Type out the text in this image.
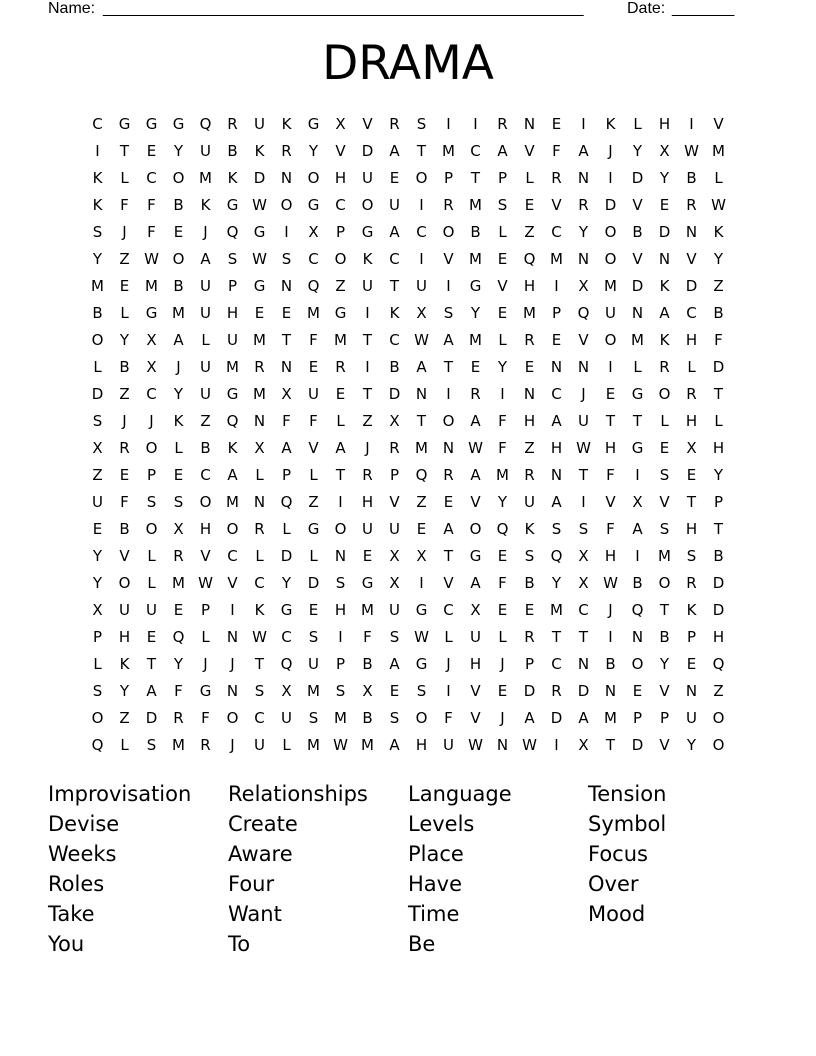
Name: ______________________________________________________	Date: _______
DRAMA
C	G	G	G	Q	R	U	K	G	X	V	R	S	I	I	R	N	E	I	K	L	H	I	V
I	T	E	Y	U	B	K	R	Y	V	D	A	T	M	C	A	V	F	A	J	Y	X W M
K	L	C	O M	K	D	N	O	H	U	E	O	P	T	P	L	R	N	I	D	Y	B	L
K	F	F	B	K	G W O	G	C	O	U	I	R	M	S	E	V	R	D	V	E	R W
S	J	F	E	J	Q	G	I	X	P	G	A	C	O	B	L	Z	C	Y	O	B	D	N	K
Y	Z W O	A	S W S	C	O	K	C	I	V	M	E	Q M N	O	V	N	V	Y
M	E	M	B	U	P	G	N	Q	Z	U	T	U	I	G	V	H	I	X	M D	K	D	Z
B	L	G M	U	H	E	E	M G	I	K	X	S	Y	E	M	P	Q	U	N	A	C	B
O	Y	X	A	L	U	M	T	F	M	T	C W A	M	L	R	E	V	O M	K	H	F
L	B	X	J	U	M	R	N	E	R	I	B	A	T	E	Y	E	N	N	I	L	R	L	D
D	Z	C	Y	U	G M	X	U	E	T	D	N	I	R	I	N	C	J	E	G	O	R	T
S	J	J	K	Z	Q	N	F	F	L	Z	X	T	O	A	F	H	A	U	T	T	L	H	L
X	R	O	L	B	K	X	A	V	A	J	R	M N W	F	Z	H W H	G	E	X	H
Z	E	P	E	C	A	L	P	L	T	R	P	Q	R	A	M	R	N	T	F	I	S	E	Y
U	F	S	S	O M N	Q	Z	I	H	V	Z	E	V	Y	U	A	I	V	X	V	T	P
E	B	O	X	H	O	R	L	G	O	U	U	E	A	O	Q	K	S	S	F	A	S	H	T
Y	V	L	R	V	C	L	D	L	N	E	X	X	T	G	E	S	Q	X	H	I	M	S	B
Y	O	L	M W V	C	Y	D	S	G	X	I	V	A	F	B	Y	X W B	O	R	D
X	U	U	E	P	I	K	G	E	H M	U	G	C	X	E	E	M	C	J	Q	T	K	D
P	H	E	Q	L	N W C	S	I	F	S W	L	U	L	R	T	T	I	N	B	P	H
L	K	T	Y	J	J	T	Q	U	P	B	A	G	J	H	J	P	C	N	B	O	Y	E	Q
S	Y	A	F	G	N	S	X	M	S	X	E	S	I	V	E	D	R	D	N	E	V	N	Z
O	Z	D	R	F	O	C	U	S	M	B	S	O	F	V	J	A	D	A	M	P	P	U	O
Q	L	S	M	R	J	U	L	M W M	A	H	U W N W	I	X	T	D	V	Y	O
Improvisation	Relationships	Language	Tension
Devise	Create	Levels	Symbol
Weeks	Aware	Place	Focus
Roles	Four	Have	Over
Take	Want	Time	Mood
You	To	Be
